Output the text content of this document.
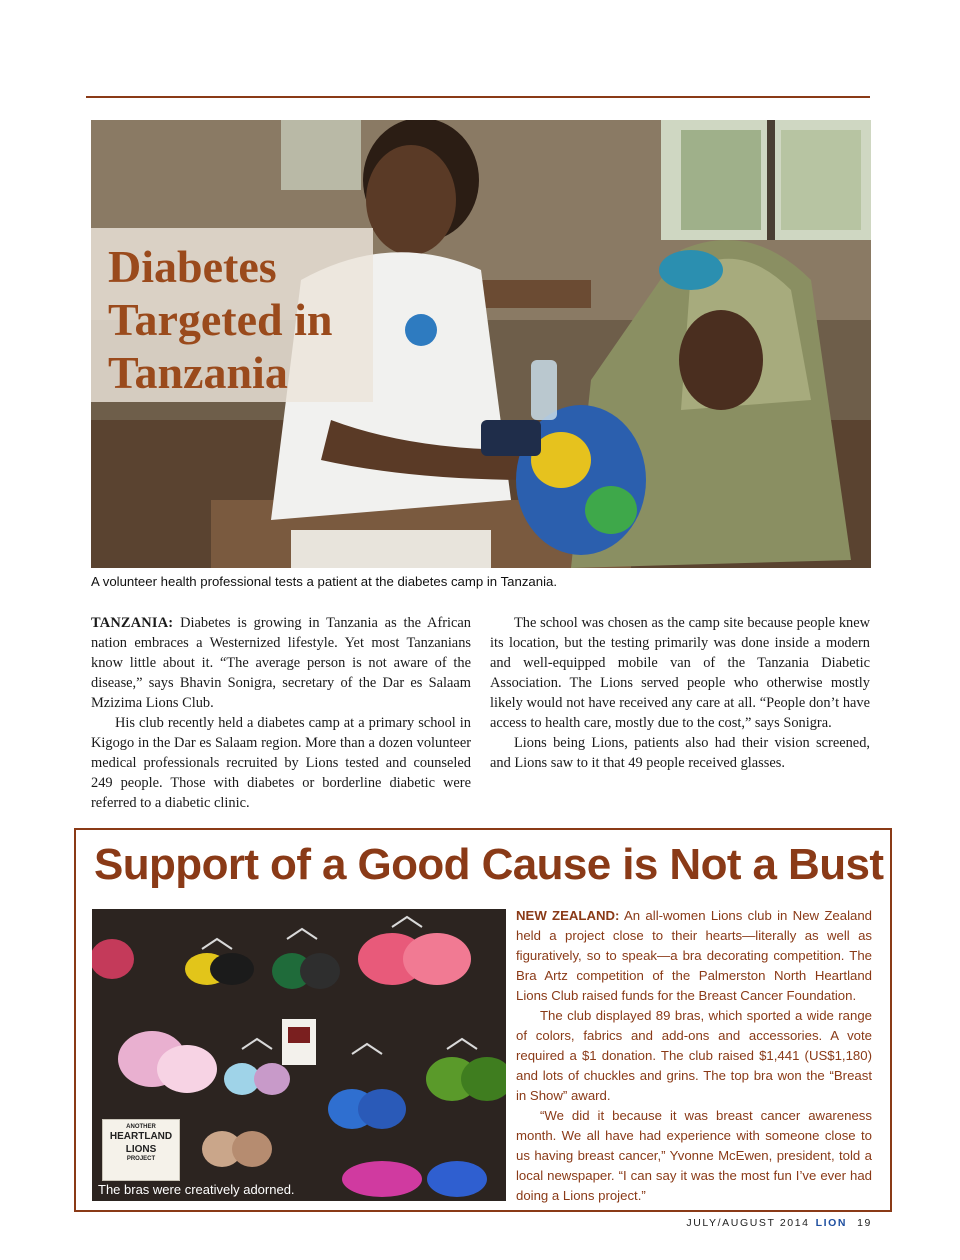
Diabetes Targeted in Tanzania
A volunteer health professional tests a patient at the diabetes camp in Tanzania.

TANZANIA: Diabetes is growing in Tanzania as the African nation embraces a Westernized lifestyle. Yet most Tanzanians know little about it. “The average person is not aware of the disease,” says Bhavin Sonigra, secretary of the Dar es Salaam Mzizima Lions Club.

His club recently held a diabetes camp at a primary school in Kigogo in the Dar es Salaam region. More than a dozen volunteer medical professionals recruited by Lions tested and counseled 249 people. Those with diabetes or borderline diabetic were referred to a diabetic clinic.

The school was chosen as the camp site because people knew its location, but the testing primarily was done inside a modern and well-equipped mobile van of the Tanzania Diabetic Association. The Lions served people who otherwise mostly likely would not have received any care at all. “People don’t have access to health care, mostly due to the cost,” says Sonigra.

Lions being Lions, patients also had their vision screened, and Lions saw to it that 49 people received glasses.

Support of a Good Cause is Not a Bust
ANOTHER
HEARTLAND
LIONS
PROJECT
The bras were creatively adorned.

NEW ZEALAND: An all-women Lions club in New Zealand held a project close to their hearts—literally as well as figuratively, so to speak—a bra decorating competition. The Bra Artz competition of the Palmerston North Heartland Lions Club raised funds for the Breast Cancer Foundation.

The club displayed 89 bras, which sported a wide range of colors, fabrics and add-ons and accessories. A vote required a $1 donation. The club raised $1,441 (US$1,180) and lots of chuckles and grins. The top bra won the “Breast in Show” award.

“We did it because it was breast cancer awareness month. We all have had experience with someone close to us having breast cancer,” Yvonne McEwen, president, told a local newspaper. “I can say it was the most fun I’ve ever had doing a Lions project.”

JULY/AUGUST 2014 LION 19
